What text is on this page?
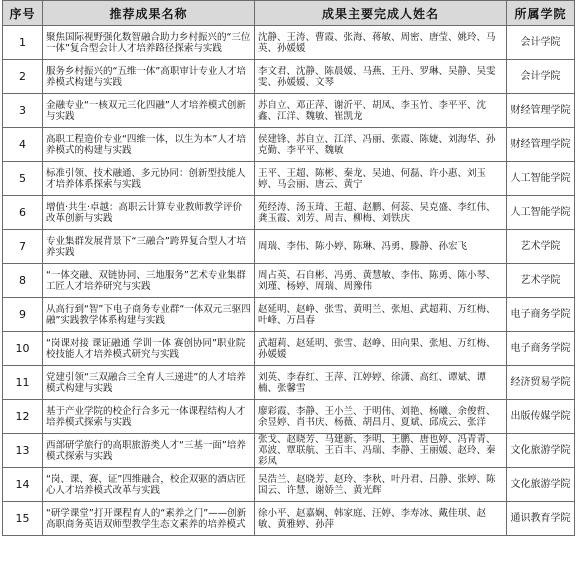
序号	推荐成果名称	成果主要完成人姓名	所属学院
1	聚焦国际视野强化数智融合助力乡村振兴的“三位一体”复合型会计人才培养路径探索与实践	沈静、王涛、曹霞、张海、蒋敏、周密、唐莹、姚玲、马英、孙媛媛	会计学院
2	服务乡村振兴的“五维一体”高职审计专业人才培养模式构建与实践	李文君、沈静、陈晨媛、马燕、王丹、罗琳、吴静、吴雯雯、孙媛媛、文琴	会计学院
3	金融专业“一核双元三化四融”人才培养模式创新与实践	苏自立、邓正萍、谢沂平、胡凤、李玉竹、李平平、沈鑫、江洋、魏敏、崔凯龙	财经管理学院
4	高职工程造价专业“四维一体，以生为本”人才培养模式的构建与实践	侯建锋、苏自立、江洋、冯丽、张霞、陈婕、刘海华、孙克勤、李平平、魏敏	财经管理学院
5	标准引领、技术融通、多元协同：创新型技能人才培养体系探索与实践	王平、王超、陈彬、秦龙、吴迪、何磊、许小惠、刘玉婷、马会丽、唐云、黄宁	人工智能学院
6	增值·共生·卓越：高职云计算专业教师教学评价改革创新与实践	苑经涛、汤玉琦、王超、赵鹏、何蕊、吴克盛、李红伟、龚玉霞、刘芳、周吉、柳梅、刘铁庆	人工智能学院
7	专业集群发展背景下“三融合”跨界复合型人才培养实践	周瑞、李伟、陈小婷、陈琳、冯勇、滕静、孙宏飞	艺术学院
8	“一体交融、双链协同、三地服务”艺术专业集群工匠人才培养研究与实践	周占英、石自彬、冯勇、黄慧敏、李伟、陈勇、陈小琴、刘瑾、杨婷、周瑞、周豫伟	艺术学院
9	从高行到“智”下电子商务专业群“一体双元三驱四融”实践教学体系构建与实践	赵延明、赵峥、张雪、黄明兰、张旭、武超莉、万红梅、叶峰、万昌春	电子商务学院
10	“岗课对接 课证融通 学训一体 赛创协同”职业院校技能人才培养模式研究与实践	武超莉、赵延明、张雪、赵峥、田向果、张旭、万红梅、孙媛媛	电子商务学院
11	党建引领“三双融合三全育人三递进”的人才培养模式构建与实践	刘英、李春红、王萍、江婷婷、徐潇、高红、谭斌、谭楠、张馨雪	经济贸易学院
12	基于产业学院的校企行合多元一体课程结构人才培养模式探索与实践	廖彩霞、李静、王小兰、于明伟、刘艳、杨曦、余俊哲、余昱婷、肖书庆、杨薇、胡昌月、夏斌、邱成云、张洋	出版传媒学院
13	西部研学旅行的高职旅游类人才“三基一面”培养模式探索与实践	张戈、赵晓芳、马建新、李明、王鹏、唐也婷、冯青青、邓波、覃联航、王百丰、冯瑞、李静、王丽媛、赵玲、秦彩凤	文化旅游学院
14	“岗、课、赛、证”四维融合，校企双驱的酒店匠心人才培养模式改革与实践	吴浩兰、赵晓芳、赵玲、李秋、叶丹君、吕静、张婷、陈国云、许慧、谢娇兰、黄光辉	文化旅游学院
15	“研学课堂”打开课程育人的“素养之门”——创新高职商务英语双师型教学生态文素养的培养模式	徐小平、赵嘉娴、韩家庭、汪婷、李寿冰、戴佳琪、赵敏、黄雅婷、孙萍	通识教育学院
